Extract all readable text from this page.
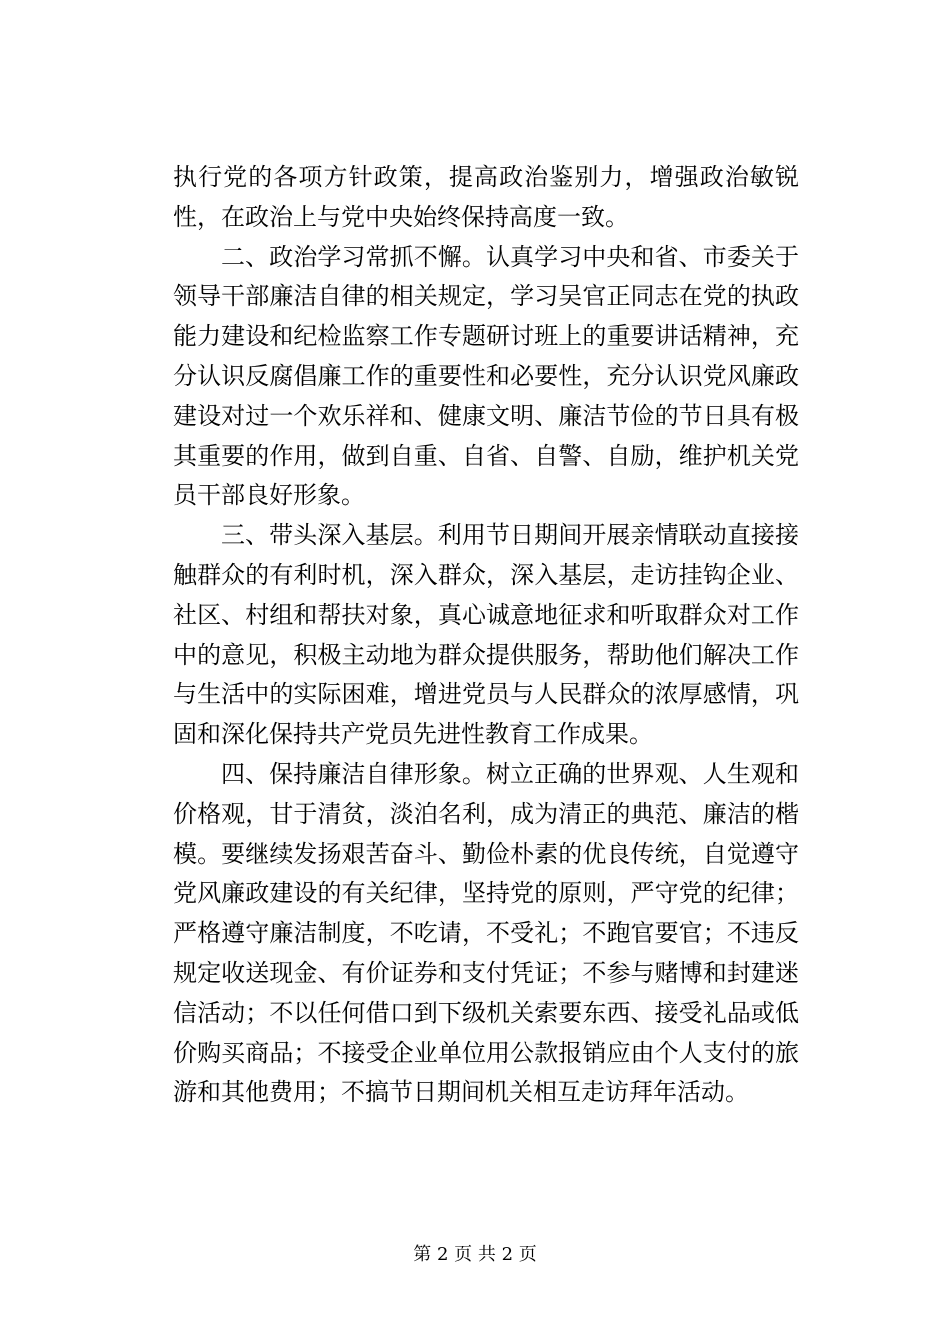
执行党的各项方针政策，提高政治鉴别力，增强政治敏锐性，在政治上与党中央始终保持高度一致。

二、政治学习常抓不懈。认真学习中央和省、市委关于领导干部廉洁自律的相关规定，学习吴官正同志在党的执政能力建设和纪检监察工作专题研讨班上的重要讲话精神，充分认识反腐倡廉工作的重要性和必要性，充分认识党风廉政建设对过一个欢乐祥和、健康文明、廉洁节俭的节日具有极其重要的作用，做到自重、自省、自警、自励，维护机关党员干部良好形象。

三、带头深入基层。利用节日期间开展亲情联动直接接触群众的有利时机，深入群众，深入基层，走访挂钩企业、社区、村组和帮扶对象，真心诚意地征求和听取群众对工作中的意见，积极主动地为群众提供服务，帮助他们解决工作与生活中的实际困难，增进党员与人民群众的浓厚感情，巩固和深化保持共产党员先进性教育工作成果。

四、保持廉洁自律形象。树立正确的世界观、人生观和价格观，甘于清贫，淡泊名利，成为清正的典范、廉洁的楷模。要继续发扬艰苦奋斗、勤俭朴素的优良传统，自觉遵守党风廉政建设的有关纪律，坚持党的原则，严守党的纪律；严格遵守廉洁制度，不吃请，不受礼；不跑官要官；不违反规定收送现金、有价证券和支付凭证；不参与赌博和封建迷信活动；不以任何借口到下级机关索要东西、接受礼品或低价购买商品；不接受企业单位用公款报销应由个人支付的旅游和其他费用；不搞节日期间机关相互走访拜年活动。

第 2 页 共 2 页
